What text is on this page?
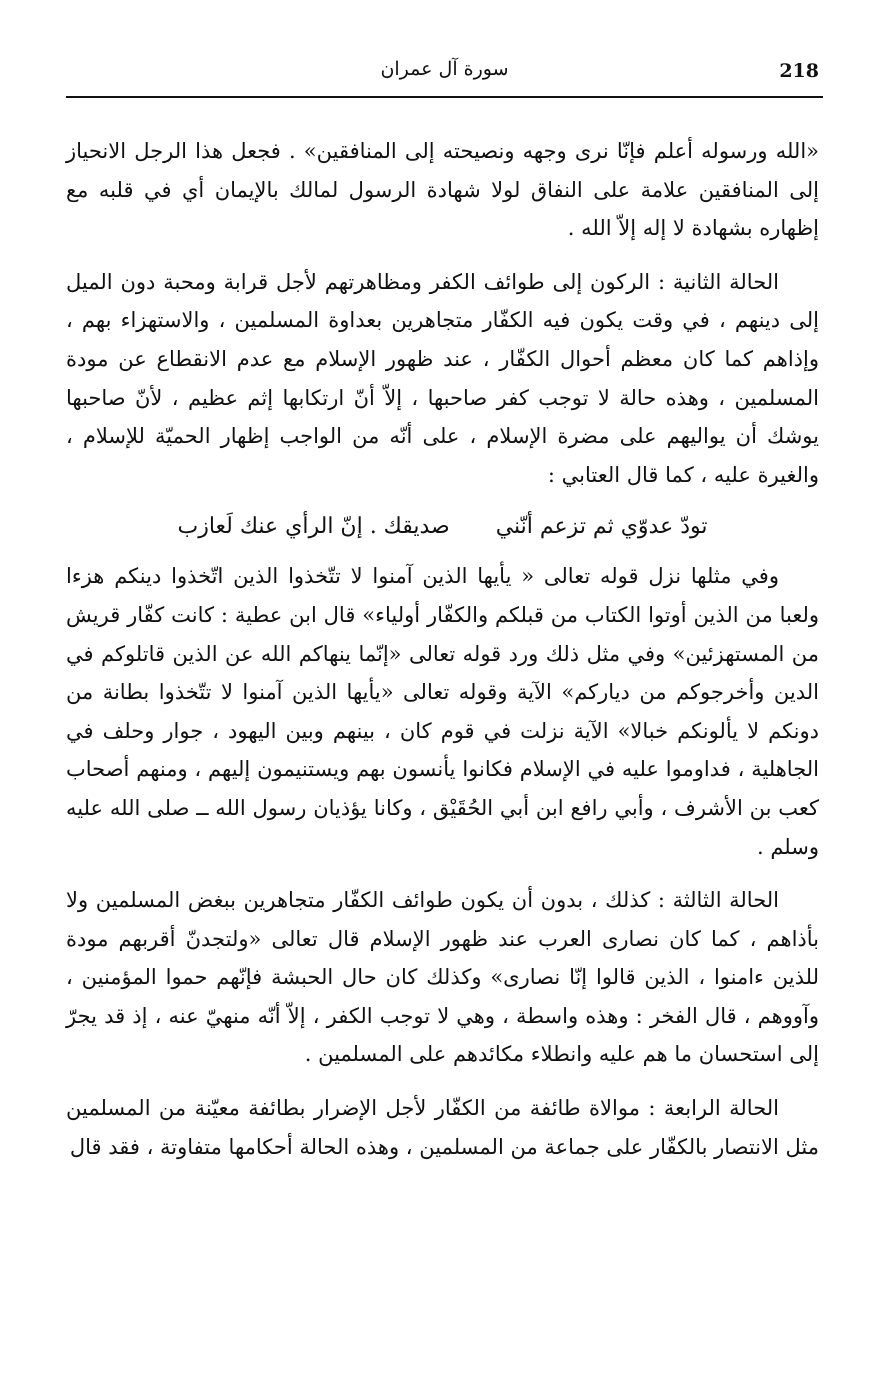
218
سورة آل عمران

«الله ورسوله أعلم فإنّا نرى وجهه ونصيحته إلى المنافقين» . فجعل هذا الرجل الانحياز إلى المنافقين علامة على النفاق لولا شهادة الرسول لمالك بالإيمان أي في قلبه مع إظهاره بشهادة لا إله إلاّ الله .

الحالة الثانية : الركون إلى طوائف الكفر ومظاهرتهم لأجل قرابة ومحبة دون الميل إلى دينهم ، في وقت يكون فيه الكفّار متجاهرين بعداوة المسلمين ، والاستهزاء بهم ، وإذاهم كما كان معظم أحوال الكفّار ، عند ظهور الإسلام مع عدم الانقطاع عن مودة المسلمين ، وهذه حالة لا توجب كفر صاحبها ، إلاّ أنّ ارتكابها إثم عظيم ، لأنّ صاحبها يوشك أن يواليهم على مضرة الإسلام ، على أنّه من الواجب إظهار الحميّة للإسلام ، والغيرة عليه ، كما قال العتابي :

تودّ عدوّي ثم تزعم أنّني
صديقك . إنّ الرأي عنك لَعازب

وفي مثلها نزل قوله تعالى « يأيها الذين آمنوا لا تتّخذوا الذين اتّخذوا دينكم هزءا ولعبا من الذين أوتوا الكتاب من قبلكم والكفّار أولياء» قال ابن عطية : كانت كفّار قريش من المستهزئين» وفي مثل ذلك ورد قوله تعالى «إنّما ينهاكم الله عن الذين قاتلوكم في الدين وأخرجوكم من دياركم» الآية وقوله تعالى «يأيها الذين آمنوا لا تتّخذوا بطانة من دونكم لا يألونكم خبالا» الآية نزلت في قوم كان ، بينهم وبين اليهود ، جوار وحلف في الجاهلية ، فداوموا عليه في الإسلام فكانوا يأنسون بهم ويستنيمون إليهم ، ومنهم أصحاب كعب بن الأشرف ، وأبي رافع ابن أبي الحُقَيْق ، وكانا يؤذيان رسول الله ــ صلى الله عليه وسلم .

الحالة الثالثة : كذلك ، بدون أن يكون طوائف الكفّار متجاهرين ببغض المسلمين ولا بأذاهم ، كما كان نصارى العرب عند ظهور الإسلام قال تعالى «ولتجدنّ أقربهم مودة للذين ءامنوا ، الذين قالوا إنّا نصارى» وكذلك كان حال الحبشة فإنّهم حموا المؤمنين ، وآووهم ، قال الفخر : وهذه واسطة ، وهي لا توجب الكفر ، إلاّ أنّه منهيّ عنه ، إذ قد يجرّ إلى استحسان ما هم عليه وانطلاء مكائدهم على المسلمين .

الحالة الرابعة : موالاة طائفة من الكفّار لأجل الإضرار بطائفة معيّنة من المسلمين مثل الانتصار بالكفّار على جماعة من المسلمين ، وهذه الحالة أحكامها متفاوتة ، فقد قال
